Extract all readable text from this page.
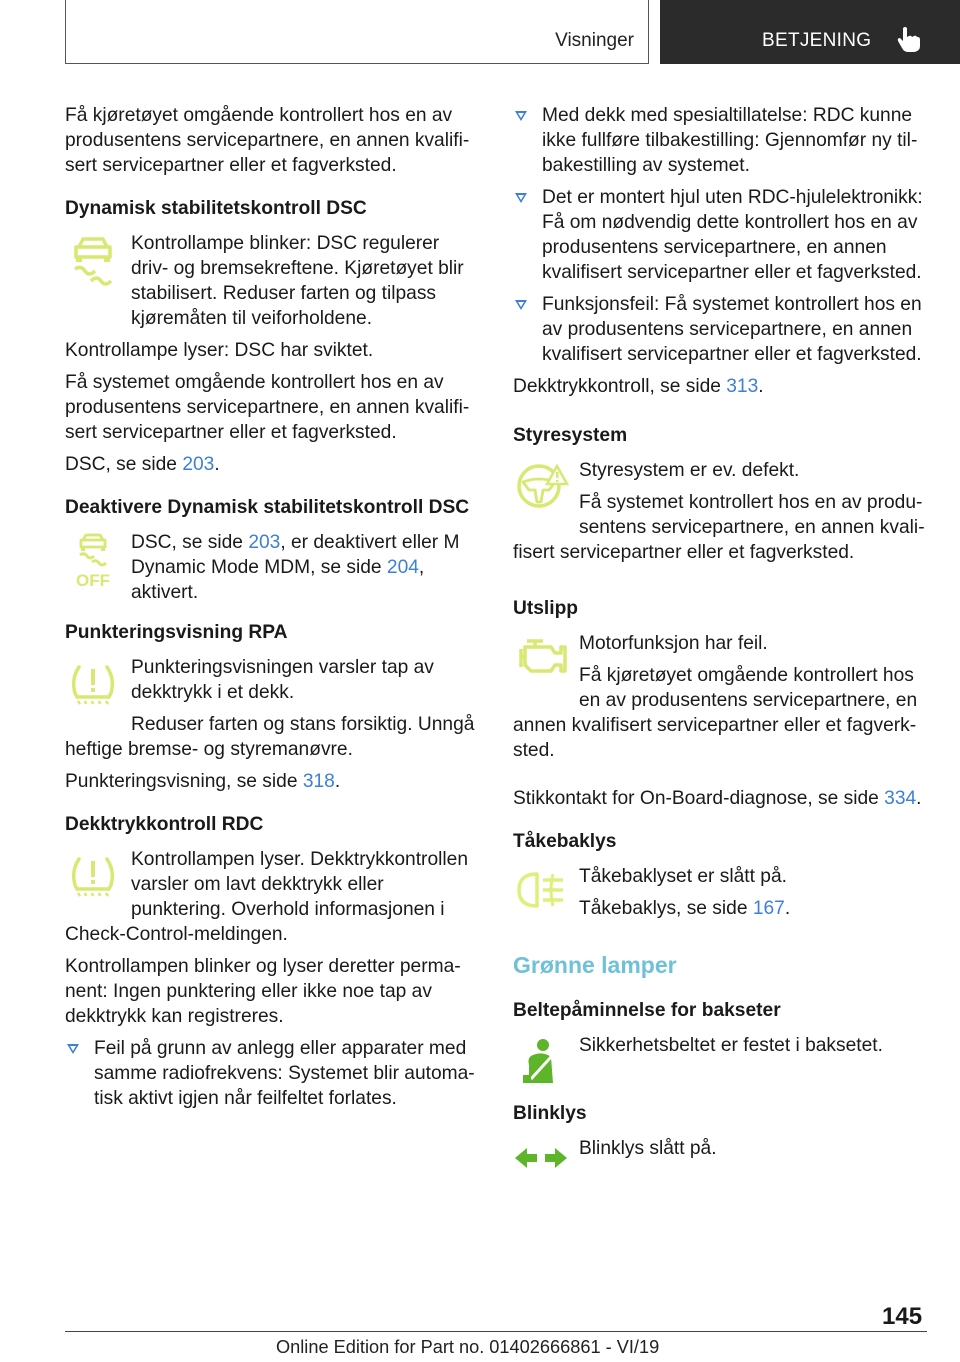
Visninger	BETJENING

Få kjøretøyet omgående kontrollert hos en av produsentens servicepartnere, en annen kvalifisert servicepartner eller et fagverksted.

Dynamisk stabilitetskontroll DSC

Kontrollampe blinker: DSC regulerer driv- og bremsekreftene. Kjøretøyet blir stabilisert. Reduser farten og tilpass kjøremåten til veiforholdene.

Kontrollampe lyser: DSC har sviktet.

Få systemet omgående kontrollert hos en av produsentens servicepartnere, en annen kvalifisert servicepartner eller et fagverksted.

DSC, se side 203.

Deaktivere Dynamisk stabilitetskontroll DSC
OFF

DSC, se side 203, er deaktivert eller M Dynamic Mode MDM, se side 204, aktivert.

Punkteringsvisning RPA

Punkteringsvisningen varsler tap av dekktrykk i et dekk.

Reduser farten og stans forsiktig. Unngå heftige bremse- og styremanøvre.

Punkteringsvisning, se side 318.

Dekktrykkontroll RDC

Kontrollampen lyser. Dekktrykkontrollen varsler om lavt dekktrykk eller punktering. Overhold informasjonen i Check-Control-meldingen.

Kontrollampen blinker og lyser deretter permanent: Ingen punktering eller ikke noe tap av dekktrykk kan registreres.

Feil på grunn av anlegg eller apparater med samme radiofrekvens: Systemet blir automatisk aktivt igjen når feilfeltet forlates.
Med dekk med spesialtillatelse: RDC kunne ikke fullføre tilbakestilling: Gjennomfør ny tilbakestilling av systemet.
Det er montert hjul uten RDC-hjulelektronikk: Få om nødvendig dette kontrollert hos en av produsentens servicepartnere, en annen kvalifisert servicepartner eller et fagverksted.
Funksjonsfeil: Få systemet kontrollert hos en av produsentens servicepartnere, en annen kvalifisert servicepartner eller et fagverksted.

Dekktrykkontroll, se side 313.

Styresystem

Styresystem er ev. defekt.

Få systemet kontrollert hos en av produsentens servicepartnere, en annen kvalifisert servicepartner eller et fagverksted.

Utslipp

Motorfunksjon har feil.

Få kjøretøyet omgående kontrollert hos en av produsentens servicepartnere, en annen kvalifisert servicepartner eller et fagverksted.

Stikkontakt for On-Board-diagnose, se side 334.

Tåkebaklys

Tåkebaklyset er slått på.

Tåkebaklys, se side 167.

Grønne lamper
Beltepåminnelse for bakseter

Sikkerhetsbeltet er festet i baksetet.

Blinklys

Blinklys slått på.

145
Online Edition for Part no. 01402666861 - VI/19
